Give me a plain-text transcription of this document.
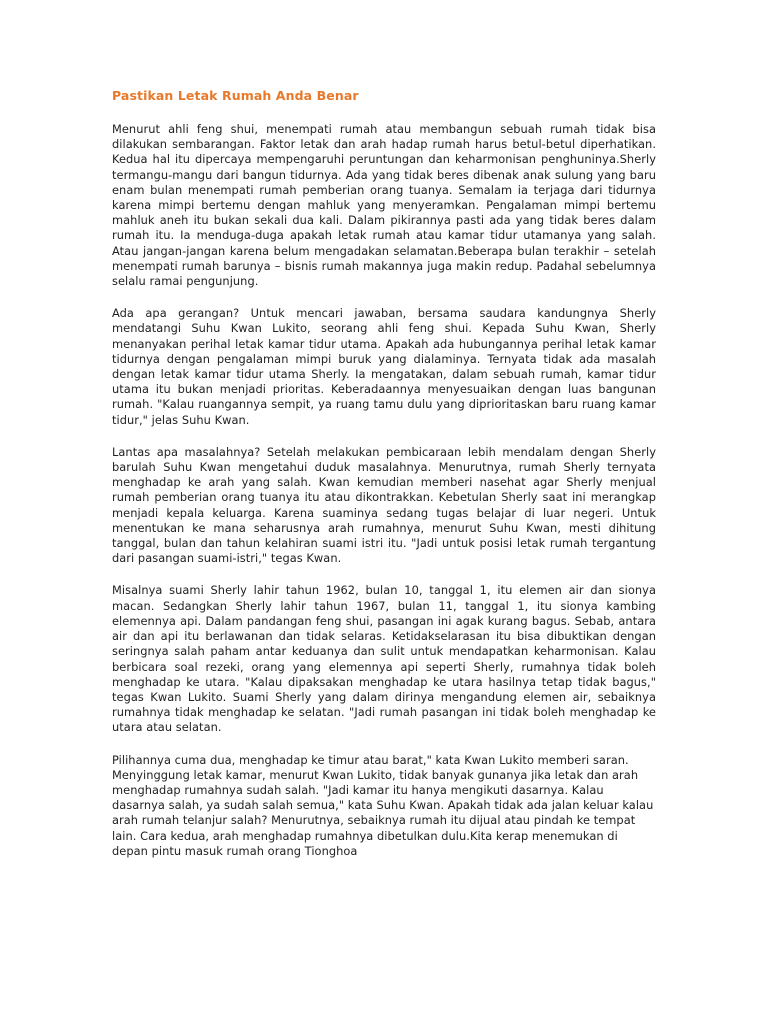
Pastikan Letak Rumah Anda Benar

Menurut ahli feng shui, menempati rumah atau membangun sebuah rumah tidak bisa dilakukan sembarangan. Faktor letak dan arah hadap rumah harus betul-betul diperhatikan. Kedua hal itu dipercaya mempengaruhi peruntungan dan keharmonisan penghuninya.Sherly termangu-mangu dari bangun tidurnya. Ada yang tidak beres dibenak anak sulung yang baru enam bulan menempati rumah pemberian orang tuanya. Semalam ia terjaga dari tidurnya karena mimpi bertemu dengan mahluk yang menyeramkan. Pengalaman mimpi bertemu mahluk aneh itu bukan sekali dua kali. Dalam pikirannya pasti ada yang tidak beres dalam rumah itu. Ia menduga-duga apakah letak rumah atau kamar tidur utamanya yang salah. Atau jangan-jangan karena belum mengadakan selamatan.Beberapa bulan terakhir – setelah menempati rumah barunya – bisnis rumah makannya juga makin redup. Padahal sebelumnya selalu ramai pengunjung.

Ada apa gerangan? Untuk mencari jawaban, bersama saudara kandungnya Sherly mendatangi Suhu Kwan Lukito, seorang ahli feng shui. Kepada Suhu Kwan, Sherly menanyakan perihal letak kamar tidur utama. Apakah ada hubungannya perihal letak kamar tidurnya dengan pengalaman mimpi buruk yang dialaminya. Ternyata tidak ada masalah dengan letak kamar tidur utama Sherly. Ia mengatakan, dalam sebuah rumah, kamar tidur utama itu bukan menjadi prioritas. Keberadaannya menyesuaikan dengan luas bangunan rumah. "Kalau ruangannya sempit, ya ruang tamu dulu yang diprioritaskan baru ruang kamar tidur," jelas Suhu Kwan.

Lantas apa masalahnya? Setelah melakukan pembicaraan lebih mendalam dengan Sherly barulah Suhu Kwan mengetahui duduk masalahnya. Menurutnya, rumah Sherly ternyata menghadap ke arah yang salah. Kwan kemudian memberi nasehat agar Sherly menjual rumah pemberian orang tuanya itu atau dikontrakkan. Kebetulan Sherly saat ini merangkap menjadi kepala keluarga. Karena suaminya sedang tugas belajar di luar negeri. Untuk menentukan ke mana seharusnya arah rumahnya, menurut Suhu Kwan, mesti dihitung tanggal, bulan dan tahun kelahiran suami istri itu. "Jadi untuk posisi letak rumah tergantung dari pasangan suami-istri," tegas Kwan.

Misalnya suami Sherly lahir tahun 1962, bulan 10, tanggal 1, itu elemen air dan sionya macan. Sedangkan Sherly lahir tahun 1967, bulan 11, tanggal 1, itu sionya kambing elemennya api. Dalam pandangan feng shui, pasangan ini agak kurang bagus. Sebab, antara air dan api itu berlawanan dan tidak selaras. Ketidakselarasan itu bisa dibuktikan dengan seringnya salah paham antar keduanya dan sulit untuk mendapatkan keharmonisan. Kalau berbicara soal rezeki, orang yang elemennya api seperti Sherly, rumahnya tidak boleh menghadap ke utara. "Kalau dipaksakan menghadap ke utara hasilnya tetap tidak bagus," tegas Kwan Lukito. Suami Sherly yang dalam dirinya mengandung elemen air, sebaiknya rumahnya tidak menghadap ke selatan. "Jadi rumah pasangan ini tidak boleh menghadap ke utara atau selatan.

Pilihannya cuma dua, menghadap ke timur atau barat," kata Kwan Lukito memberi saran. Menyinggung letak kamar, menurut Kwan Lukito, tidak banyak gunanya jika letak dan arah menghadap rumahnya sudah salah. "Jadi kamar itu hanya mengikuti dasarnya. Kalau dasarnya salah, ya sudah salah semua," kata Suhu Kwan. Apakah tidak ada jalan keluar kalau arah rumah telanjur salah? Menurutnya, sebaiknya rumah itu dijual atau pindah ke tempat lain. Cara kedua, arah menghadap rumahnya dibetulkan dulu.Kita kerap menemukan di depan pintu masuk rumah orang Tionghoa
